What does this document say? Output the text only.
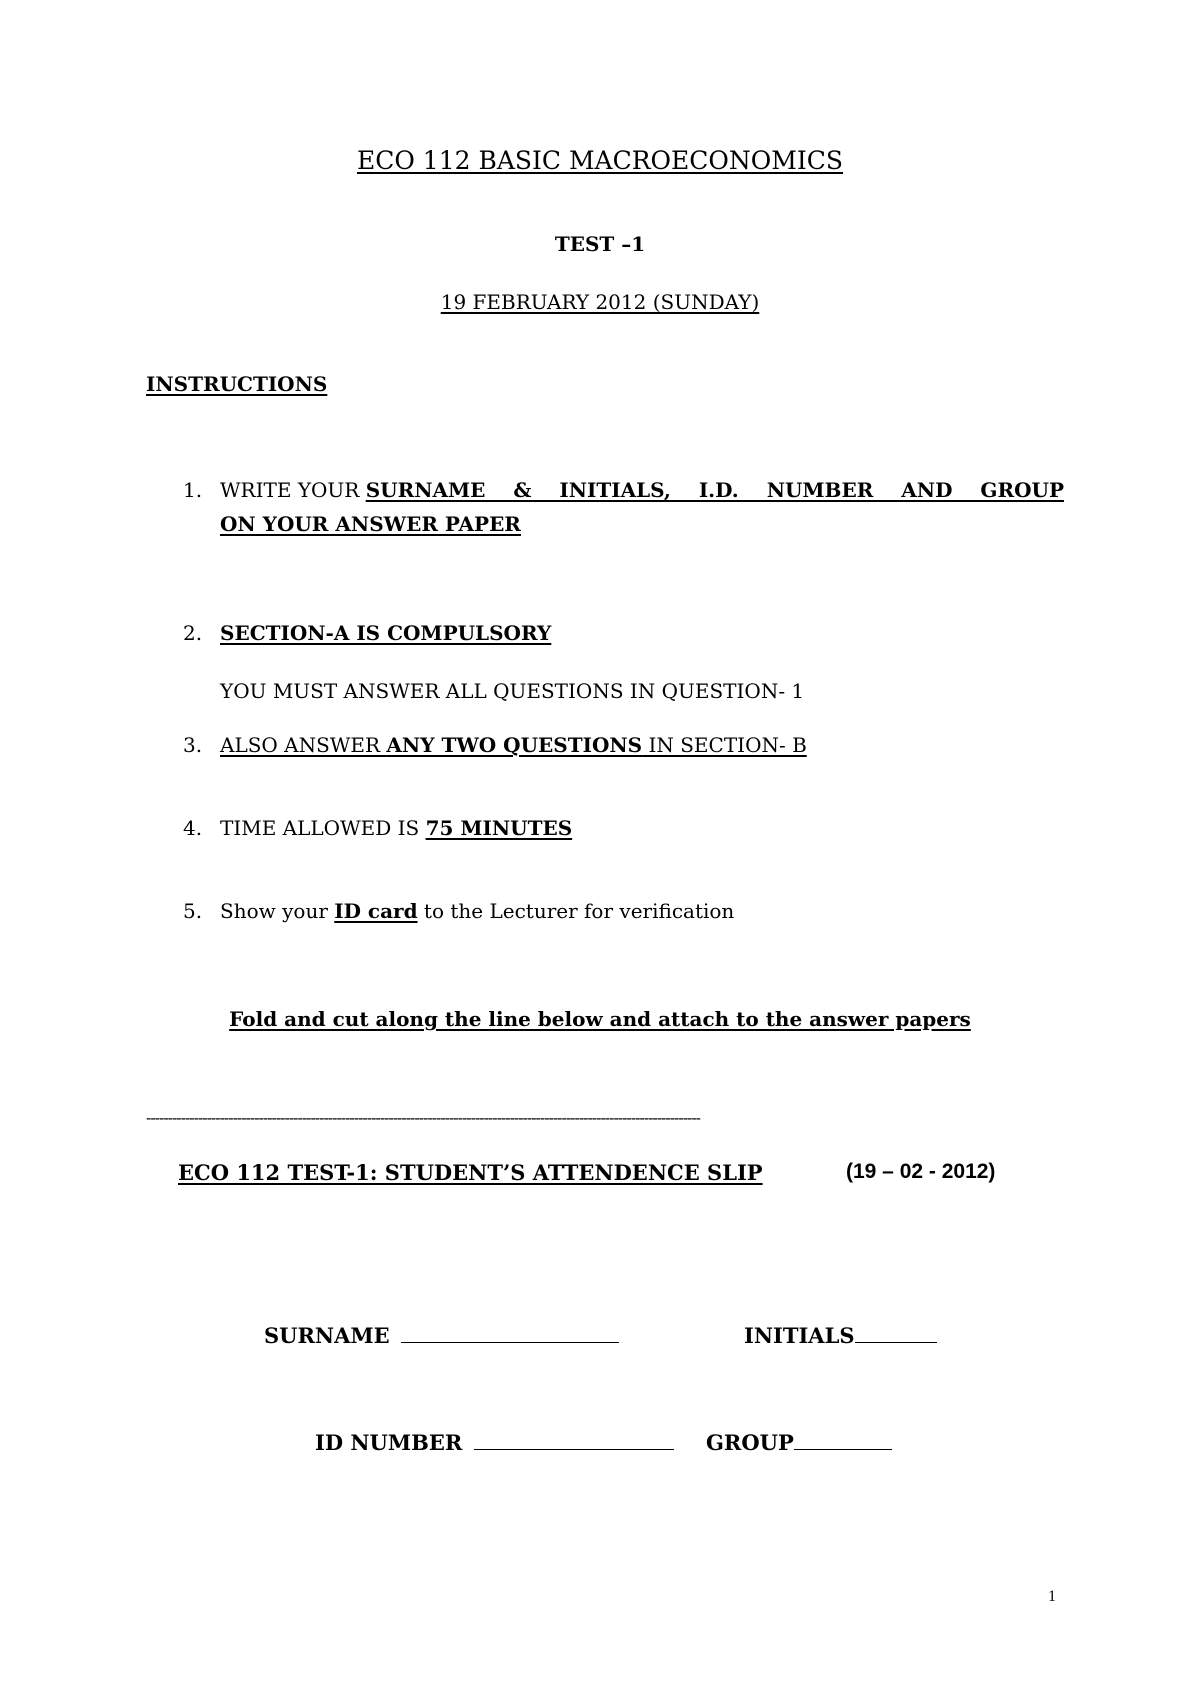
ECO 112 BASIC MACROECONOMICS
TEST –1
19 FEBRUARY 2012 (SUNDAY)
INSTRUCTIONS
1. WRITE YOUR SURNAME & INITIALS, I.D. NUMBER AND GROUP
ON YOUR ANSWER PAPER
2. SECTION-A IS COMPULSORY
YOU MUST ANSWER ALL QUESTIONS IN QUESTION- 1
3. ALSO ANSWER ANY TWO QUESTIONS IN SECTION- B
4. TIME ALLOWED IS 75 MINUTES
5. Show your ID card to the Lecturer for verification
Fold and cut along the line below and attach to the answer papers
--------------------------------------------------------------------------------------------------------------------------------
ECO 112 TEST-1: STUDENT’S ATTENDENCE SLIP	(19 – 02 - 2012)
SURNAME	INITIALS
ID NUMBER	GROUP
1
